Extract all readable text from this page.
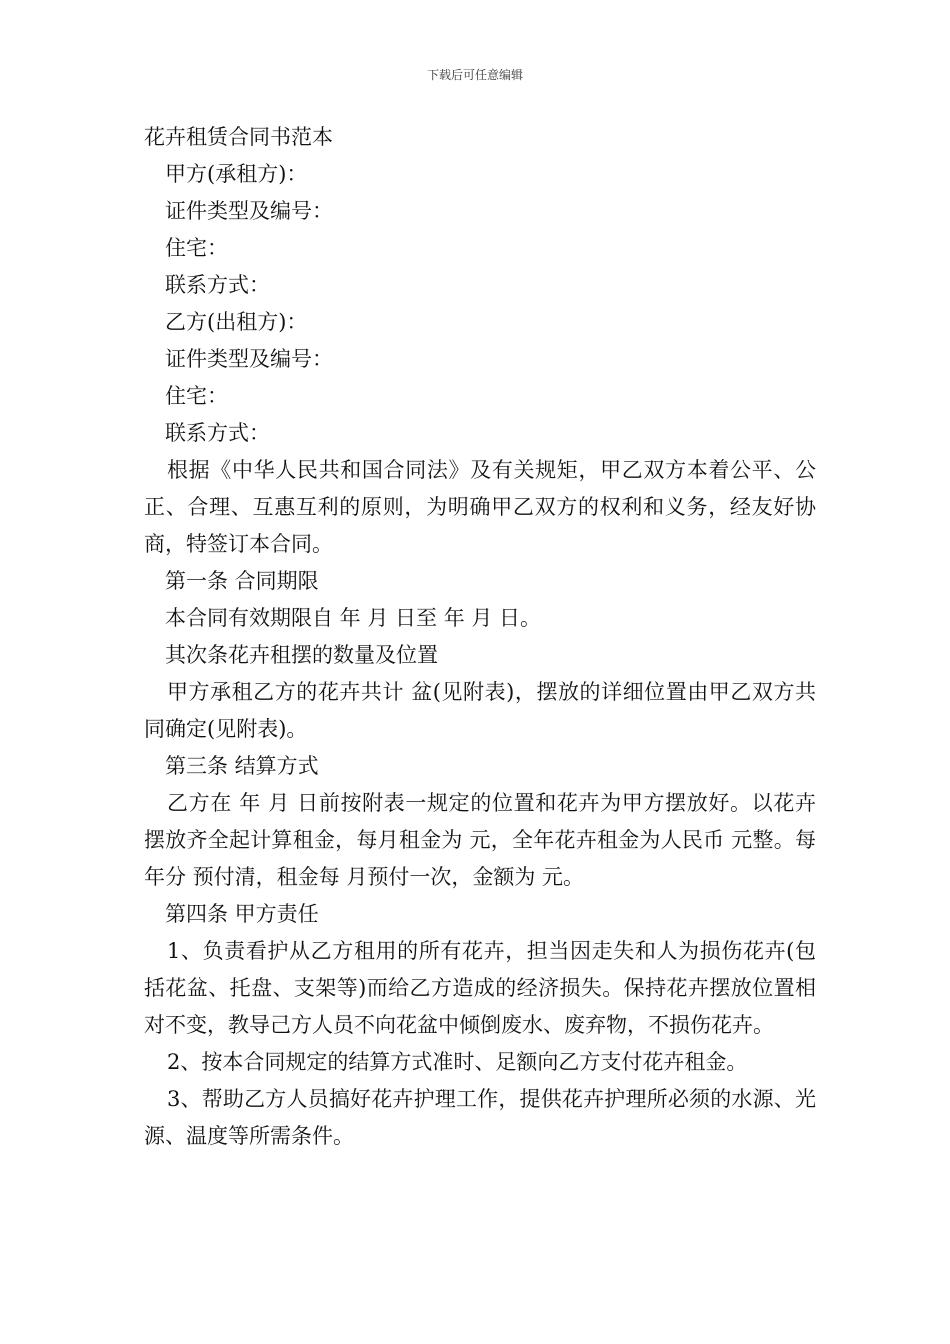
下载后可任意编辑

花卉租赁合同书范本

甲方(承租方)：

证件类型及编号：

住宅：

联系方式：

乙方(出租方)：

证件类型及编号：

住宅：

联系方式：

根据《中华人民共和国合同法》及有关规矩，甲乙双方本着公平、公正、合理、互惠互利的原则，为明确甲乙双方的权利和义务，经友好协商，特签订本合同。

第一条 合同期限

本合同有效期限自 年 月 日至 年 月 日。

其次条花卉租摆的数量及位置

甲方承租乙方的花卉共计 盆(见附表)，摆放的详细位置由甲乙双方共同确定(见附表)。

第三条 结算方式

乙方在 年 月 日前按附表一规定的位置和花卉为甲方摆放好。以花卉摆放齐全起计算租金，每月租金为 元，全年花卉租金为人民币 元整。每年分 预付清，租金每 月预付一次，金额为 元。

第四条 甲方责任

1、负责看护从乙方租用的所有花卉，担当因走失和人为损伤花卉(包括花盆、托盘、支架等)而给乙方造成的经济损失。保持花卉摆放位置相对不变，教导己方人员不向花盆中倾倒废水、废弃物，不损伤花卉。

2、按本合同规定的结算方式准时、足额向乙方支付花卉租金。

3、帮助乙方人员搞好花卉护理工作，提供花卉护理所必须的水源、光源、温度等所需条件。
